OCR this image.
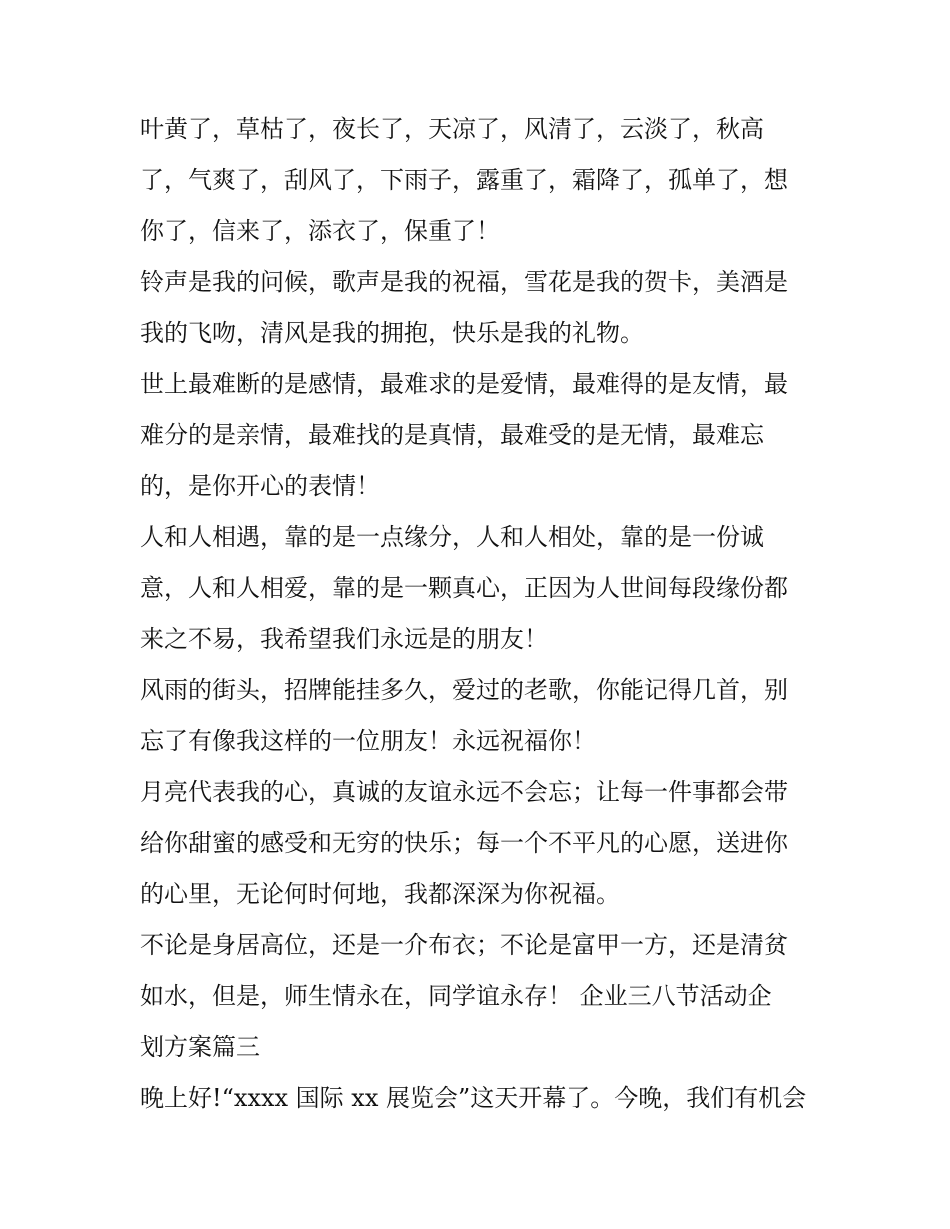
叶黄了，草枯了，夜长了，天凉了，风清了，云淡了，秋高
了，气爽了，刮风了，下雨子，露重了，霜降了，孤单了，想
你了，信来了，添衣了，保重了！
铃声是我的问候，歌声是我的祝福，雪花是我的贺卡，美酒是
我的飞吻，清风是我的拥抱，快乐是我的礼物。
世上最难断的是感情，最难求的是爱情，最难得的是友情，最
难分的是亲情，最难找的是真情，最难受的是无情，最难忘
的，是你开心的表情！
人和人相遇，靠的是一点缘分，人和人相处，靠的是一份诚
意，人和人相爱，靠的是一颗真心，正因为人世间每段缘份都
来之不易，我希望我们永远是的朋友！
风雨的街头，招牌能挂多久，爱过的老歌，你能记得几首，别
忘了有像我这样的一位朋友！永远祝福你！
月亮代表我的心，真诚的友谊永远不会忘；让每一件事都会带
给你甜蜜的感受和无穷的快乐；每一个不平凡的心愿，送进你
的心里，无论何时何地，我都深深为你祝福。
不论是身居高位，还是一介布衣；不论是富甲一方，还是清贫
如水，但是，师生情永在，同学谊永存！ 企业三八节活动企
划方案篇三
晚上好!“xxxx 国际 xx 展览会”这天开幕了。今晚，我们有机会
